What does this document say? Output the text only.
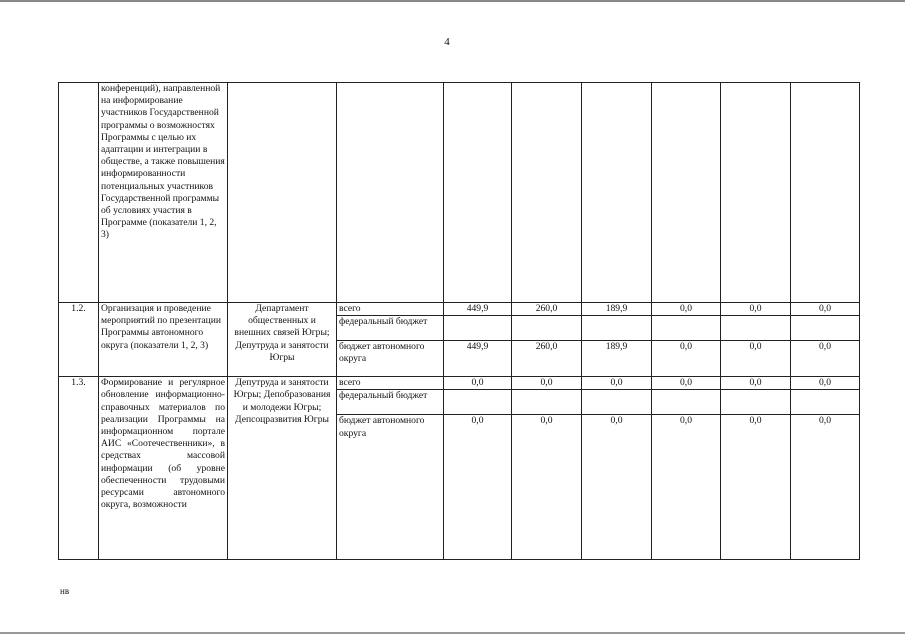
4
	конференций), направленной на информирование участников Государственной программы о возможностях Программы с целью их адаптации и интеграции в обществе, а также повышения информированности потенциальных участников Государственной программы об условиях участия в Программе (показатели 1, 2, 3)								
1.2.	Организация и проведение мероприятий по презентации Программы автономного округа (показатели 1, 2, 3)	Департамент общественных и внешних связей Югры; Депутруда и занятости Югры	всего	449,9	260,0	189,9	0,0	0,0	0,0
			федеральный бюджет						
			бюджет автономного округа	449,9	260,0	189,9	0,0	0,0	0,0
1.3.	Формирование и регулярное обновление информационно-справочных материалов по реализации Программы на информационном портале АИС «Соотечественники», в средствах массовой информации (об уровне обеспеченности трудовыми ресурсами автономного округа, возможности	Депутруда и занятости Югры; Депобразования и молодежи Югры; Депсоцразвития Югры	всего	0,0	0,0	0,0	0,0	0,0	0,0
			федеральный бюджет						
			бюджет автономного округа	0,0	0,0	0,0	0,0	0,0	0,0
нв
